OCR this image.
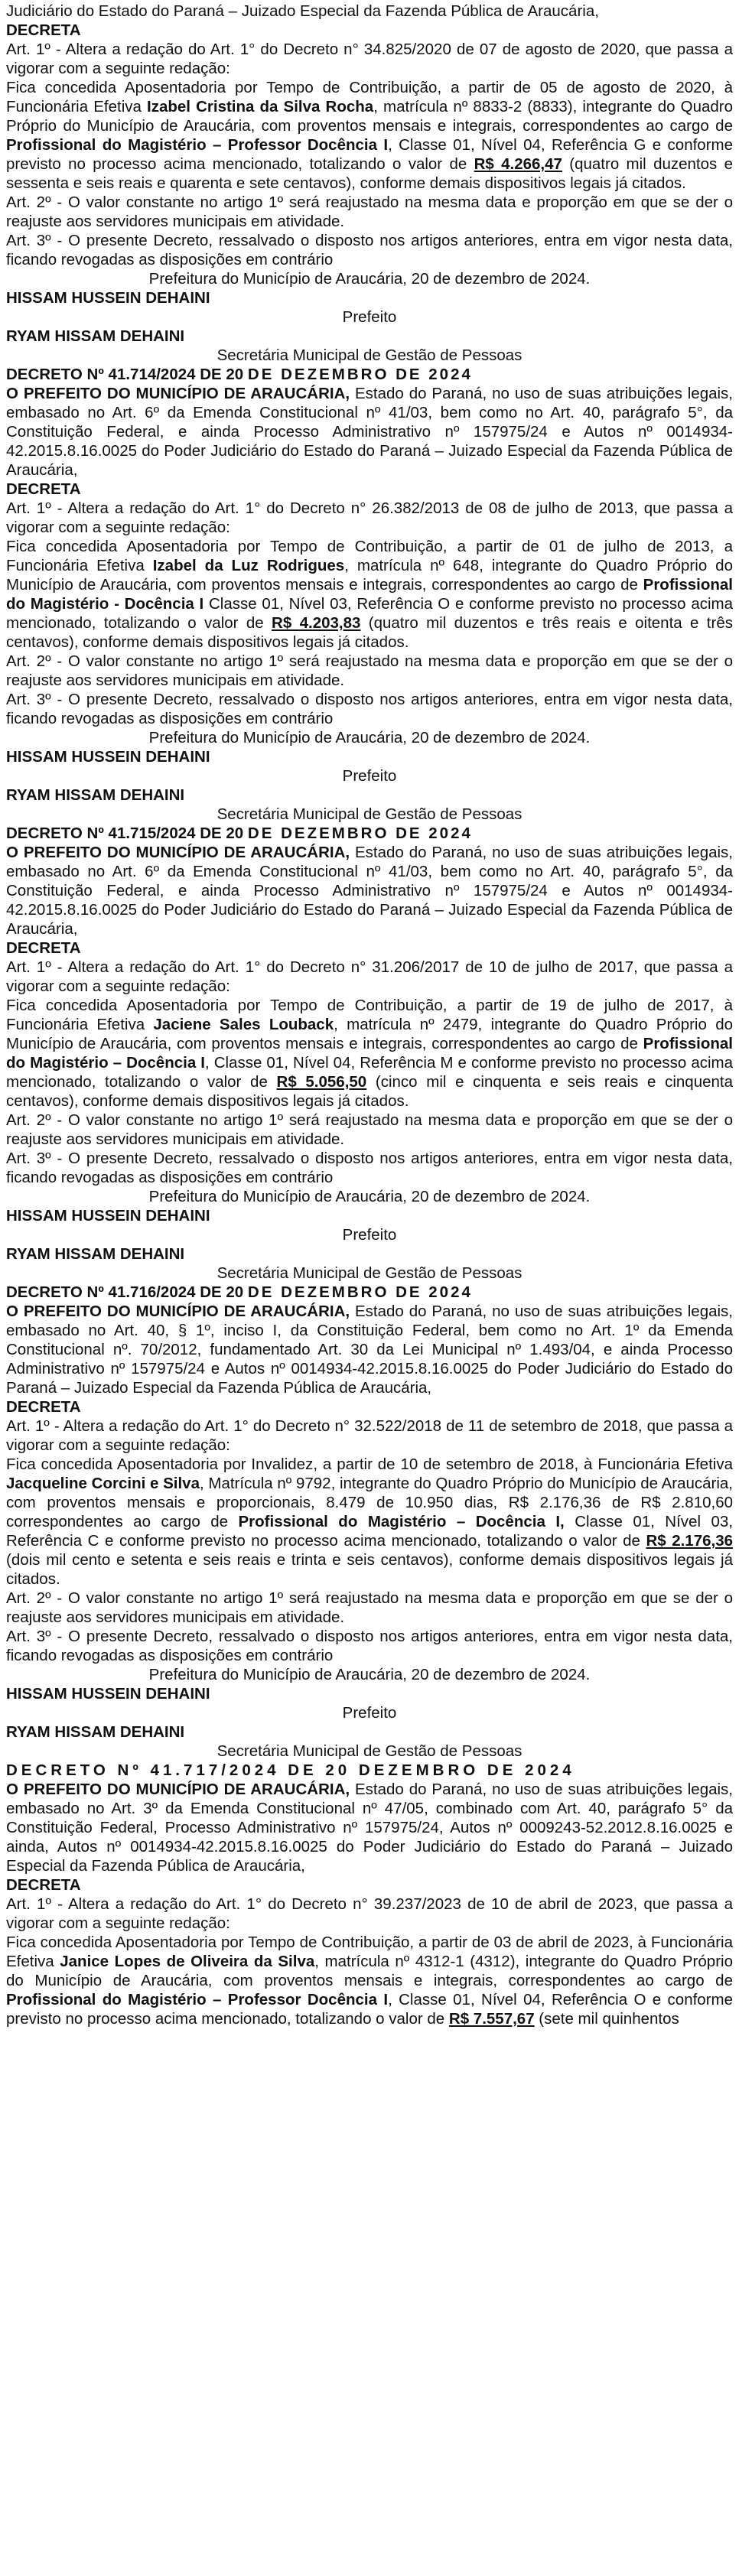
Judiciário do Estado do Paraná – Juizado Especial da Fazenda Pública de Araucária,

DECRETA

Art. 1º - Altera a redação do Art. 1° do Decreto n° 34.825/2020 de 07 de agosto de 2020, que passa a vigorar com a seguinte redação:

Fica concedida Aposentadoria por Tempo de Contribuição, a partir de 05 de agosto de 2020, à Funcionária Efetiva Izabel Cristina da Silva Rocha, matrícula nº 8833-2 (8833), integrante do Quadro Próprio do Município de Araucária, com proventos mensais e integrais, correspondentes ao cargo de Profissional do Magistério – Professor Docência I, Classe 01, Nível 04, Referência G e conforme previsto no processo acima mencionado, totalizando o valor de R$ 4.266,47 (quatro mil duzentos e sessenta e seis reais e quarenta e sete centavos), conforme demais dispositivos legais já citados.

Art. 2º - O valor constante no artigo 1º será reajustado na mesma data e proporção em que se der o reajuste aos servidores municipais em atividade.

Art. 3º - O presente Decreto, ressalvado o disposto nos artigos anteriores, entra em vigor nesta data, ficando revogadas as disposições em contrário

Prefeitura do Município de Araucária, 20 de dezembro de 2024.

HISSAM HUSSEIN DEHAINI

Prefeito

RYAM HISSAM DEHAINI

Secretária Municipal de Gestão de Pessoas

DECRETO Nº 41.714/2024 DE 20 DE DEZEMBRO DE 2024

O PREFEITO DO MUNICÍPIO DE ARAUCÁRIA, Estado do Paraná, no uso de suas atribuições legais, embasado no Art. 6º da Emenda Constitucional nº 41/03, bem como no Art. 40, parágrafo 5°, da Constituição Federal, e ainda Processo Administrativo nº 157975/24 e Autos nº 0014934-42.2015.8.16.0025 do Poder Judiciário do Estado do Paraná – Juizado Especial da Fazenda Pública de Araucária,

DECRETA

Art. 1º - Altera a redação do Art. 1° do Decreto n° 26.382/2013 de 08 de julho de 2013, que passa a vigorar com a seguinte redação:

Fica concedida Aposentadoria por Tempo de Contribuição, a partir de 01 de julho de 2013, a Funcionária Efetiva Izabel da Luz Rodrigues, matrícula nº 648, integrante do Quadro Próprio do Município de Araucária, com proventos mensais e integrais, correspondentes ao cargo de Profissional do Magistério - Docência I Classe 01, Nível 03, Referência O e conforme previsto no processo acima mencionado, totalizando o valor de R$ 4.203,83 (quatro mil duzentos e três reais e oitenta e três centavos), conforme demais dispositivos legais já citados.

Art. 2º - O valor constante no artigo 1º será reajustado na mesma data e proporção em que se der o reajuste aos servidores municipais em atividade.

Art. 3º - O presente Decreto, ressalvado o disposto nos artigos anteriores, entra em vigor nesta data, ficando revogadas as disposições em contrário

Prefeitura do Município de Araucária, 20 de dezembro de 2024.

HISSAM HUSSEIN DEHAINI

Prefeito

RYAM HISSAM DEHAINI

Secretária Municipal de Gestão de Pessoas

DECRETO Nº 41.715/2024 DE 20 DE DEZEMBRO DE 2024

O PREFEITO DO MUNICÍPIO DE ARAUCÁRIA, Estado do Paraná, no uso de suas atribuições legais, embasado no Art. 6º da Emenda Constitucional nº 41/03, bem como no Art. 40, parágrafo 5°, da Constituição Federal, e ainda Processo Administrativo nº 157975/24 e Autos nº 0014934-42.2015.8.16.0025 do Poder Judiciário do Estado do Paraná – Juizado Especial da Fazenda Pública de Araucária,

DECRETA

Art. 1º - Altera a redação do Art. 1° do Decreto n° 31.206/2017 de 10 de julho de 2017, que passa a vigorar com a seguinte redação:

Fica concedida Aposentadoria por Tempo de Contribuição, a partir de 19 de julho de 2017, à Funcionária Efetiva Jaciene Sales Louback, matrícula nº 2479, integrante do Quadro Próprio do Município de Araucária, com proventos mensais e integrais, correspondentes ao cargo de Profissional do Magistério – Docência I, Classe 01, Nível 04, Referência M e conforme previsto no processo acima mencionado, totalizando o valor de R$ 5.056,50 (cinco mil e cinquenta e seis reais e cinquenta centavos), conforme demais dispositivos legais já citados.

Art. 2º - O valor constante no artigo 1º será reajustado na mesma data e proporção em que se der o reajuste aos servidores municipais em atividade.

Art. 3º - O presente Decreto, ressalvado o disposto nos artigos anteriores, entra em vigor nesta data, ficando revogadas as disposições em contrário

Prefeitura do Município de Araucária, 20 de dezembro de 2024.

HISSAM HUSSEIN DEHAINI

Prefeito

RYAM HISSAM DEHAINI

Secretária Municipal de Gestão de Pessoas

DECRETO Nº 41.716/2024 DE 20 DE DEZEMBRO DE 2024

O PREFEITO DO MUNICÍPIO DE ARAUCÁRIA, Estado do Paraná, no uso de suas atribuições legais, embasado no Art. 40, § 1º, inciso I, da Constituição Federal, bem como no Art. 1º da Emenda Constitucional nº. 70/2012, fundamentado Art. 30 da Lei Municipal nº 1.493/04, e ainda Processo Administrativo nº 157975/24 e Autos nº 0014934-42.2015.8.16.0025 do Poder Judiciário do Estado do Paraná – Juizado Especial da Fazenda Pública de Araucária,

DECRETA

Art. 1º - Altera a redação do Art. 1° do Decreto n° 32.522/2018 de 11 de setembro de 2018, que passa a vigorar com a seguinte redação:

Fica concedida Aposentadoria por Invalidez, a partir de 10 de setembro de 2018, à Funcionária Efetiva Jacqueline Corcini e Silva, Matrícula nº 9792, integrante do Quadro Próprio do Município de Araucária, com proventos mensais e proporcionais, 8.479 de 10.950 dias, R$ 2.176,36 de R$ 2.810,60 correspondentes ao cargo de Profissional do Magistério – Docência I, Classe 01, Nível 03, Referência C e conforme previsto no processo acima mencionado, totalizando o valor de R$ 2.176,36 (dois mil cento e setenta e seis reais e trinta e seis centavos), conforme demais dispositivos legais já citados.

Art. 2º - O valor constante no artigo 1º será reajustado na mesma data e proporção em que se der o reajuste aos servidores municipais em atividade.

Art. 3º - O presente Decreto, ressalvado o disposto nos artigos anteriores, entra em vigor nesta data, ficando revogadas as disposições em contrário

Prefeitura do Município de Araucária, 20 de dezembro de 2024.

HISSAM HUSSEIN DEHAINI

Prefeito

RYAM HISSAM DEHAINI

Secretária Municipal de Gestão de Pessoas

DECRETO Nº 41.717/2024 DE 20 DEZEMBRO DE 2024

O PREFEITO DO MUNICÍPIO DE ARAUCÁRIA, Estado do Paraná, no uso de suas atribuições legais, embasado no Art. 3º da Emenda Constitucional nº 47/05, combinado com Art. 40, parágrafo 5° da Constituição Federal, Processo Administrativo nº 157975/24, Autos nº 0009243-52.2012.8.16.0025 e ainda, Autos nº 0014934-42.2015.8.16.0025 do Poder Judiciário do Estado do Paraná – Juizado Especial da Fazenda Pública de Araucária,

DECRETA

Art. 1º - Altera a redação do Art. 1° do Decreto n° 39.237/2023 de 10 de abril de 2023, que passa a vigorar com a seguinte redação:

Fica concedida Aposentadoria por Tempo de Contribuição, a partir de 03 de abril de 2023, à Funcionária Efetiva Janice Lopes de Oliveira da Silva, matrícula nº 4312-1 (4312), integrante do Quadro Próprio do Município de Araucária, com proventos mensais e integrais, correspondentes ao cargo de Profissional do Magistério – Professor Docência I, Classe 01, Nível 04, Referência O e conforme previsto no processo acima mencionado, totalizando o valor de R$ 7.557,67 (sete mil quinhentos
